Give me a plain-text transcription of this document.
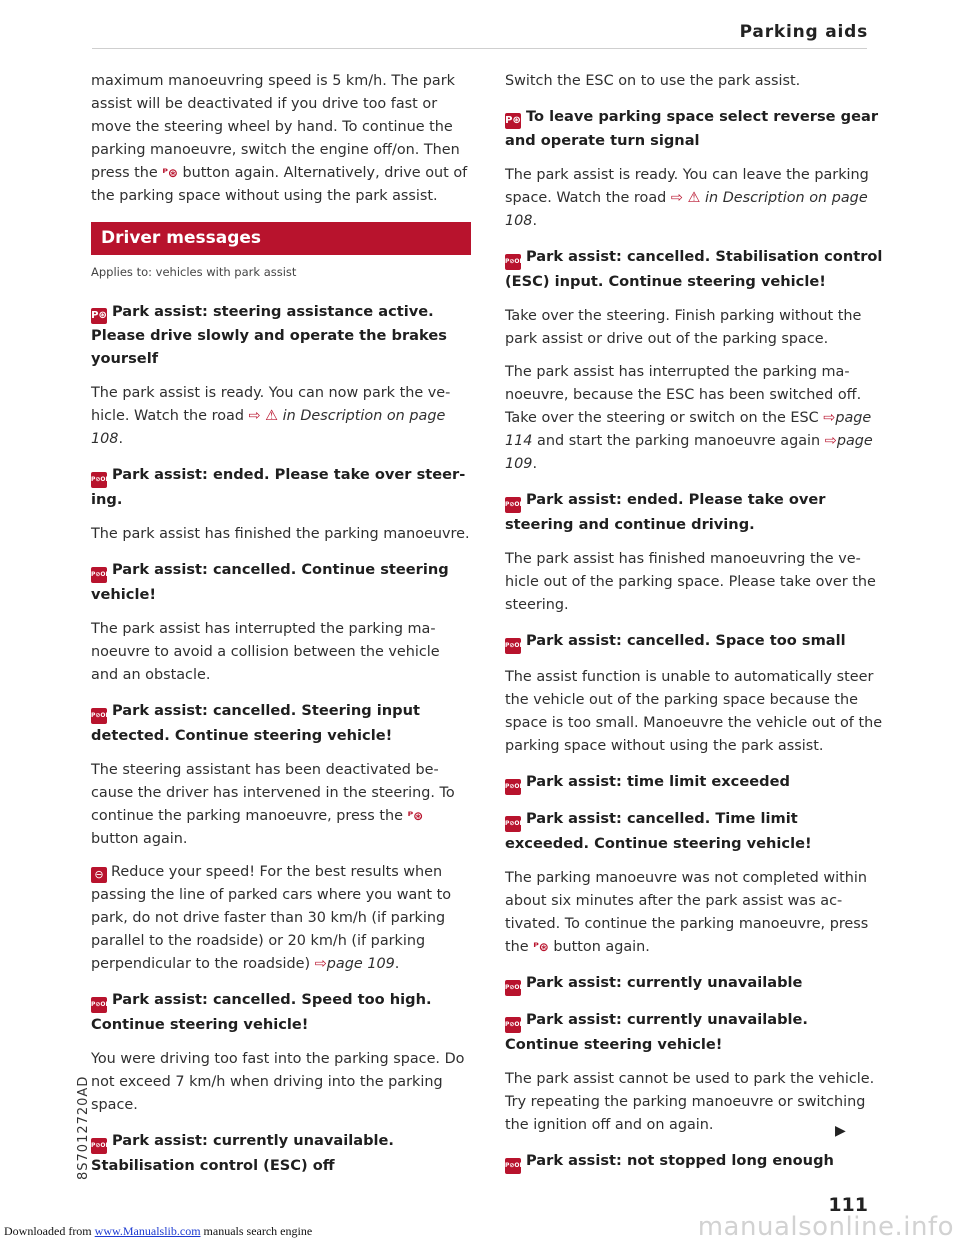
Parking aids

maximum manoeuvring speed is 5 km/h. The park assist will be deactivated if you drive too fast or move the steering wheel by hand. To continue the parking manoeuvre, switch the engine off/on. Then press the ᴾ⊛ button again. Alternatively, drive out of the parking space without using the park assist.

Driver messages
Applies to: vehicles with park assist
P⊛ Park assist: steering assistance active. Please drive slowly and operate the brakes yourself

The park assist is ready. You can now park the vehicle. Watch the road ⇨ ⚠ in Description on page 108.

P⊘OFFPark assist: ended. Please take over steering.

The park assist has finished the parking manoeuvre.

P⊘OFFPark assist: cancelled. Continue steering vehicle!

The park assist has interrupted the parking manoeuvre to avoid a collision between the vehicle and an obstacle.

P⊘OFFPark assist: cancelled. Steering input detected. Continue steering vehicle!

The steering assistant has been deactivated because the driver has intervened in the steering. To continue the parking manoeuvre, press the ᴾ⊛ button again.

⊖ Reduce your speed! For the best results when passing the line of parked cars where you want to park, do not drive faster than 30 km/h (if parking parallel to the roadside) or 20 km/h (if parking perpendicular to the roadside) ⇨page 109.

P⊘OFFPark assist: cancelled. Speed too high. Continue steering vehicle!

You were driving too fast into the parking space. Do not exceed 7 km/h when driving into the parking space.

P⊘OFFPark assist: currently unavailable. Stabilisation control (ESC) off

Switch the ESC on to use the park assist.

P⊛ To leave parking space select reverse gear and operate turn signal

The park assist is ready. You can leave the parking space. Watch the road ⇨ ⚠ in Description on page 108.

P⊘OFFPark assist: cancelled. Stabilisation control (ESC) input. Continue steering vehicle!

Take over the steering. Finish parking without the park assist or drive out of the parking space.

The park assist has interrupted the parking manoeuvre, because the ESC has been switched off. Take over the steering or switch on the ESC ⇨page 114 and start the parking manoeuvre again ⇨page 109.

P⊘OFFPark assist: ended. Please take over steering and continue driving.

The park assist has finished manoeuvring the vehicle out of the parking space. Please take over the steering.

P⊘OFFPark assist: cancelled. Space too small

The assist function is unable to automatically steer the vehicle out of the parking space because the space is too small. Manoeuvre the vehicle out of the parking space without using the park assist.

P⊘OFFPark assist: time limit exceeded
P⊘OFFPark assist: cancelled. Time limit exceeded. Continue steering vehicle!

The parking manoeuvre was not completed within about six minutes after the park assist was activated. To continue the parking manoeuvre, press the ᴾ⊛ button again.

P⊘OFFPark assist: currently unavailable
P⊘OFFPark assist: currently unavailable. Continue steering vehicle!

The park assist cannot be used to park the vehicle. Try repeating the parking manoeuvre or switching the ignition off and on again.

P⊘OFFPark assist: not stopped long enough
▶
8S7012720AD
111
manualsonline.info
Downloaded from www.Manualslib.com manuals search engine
